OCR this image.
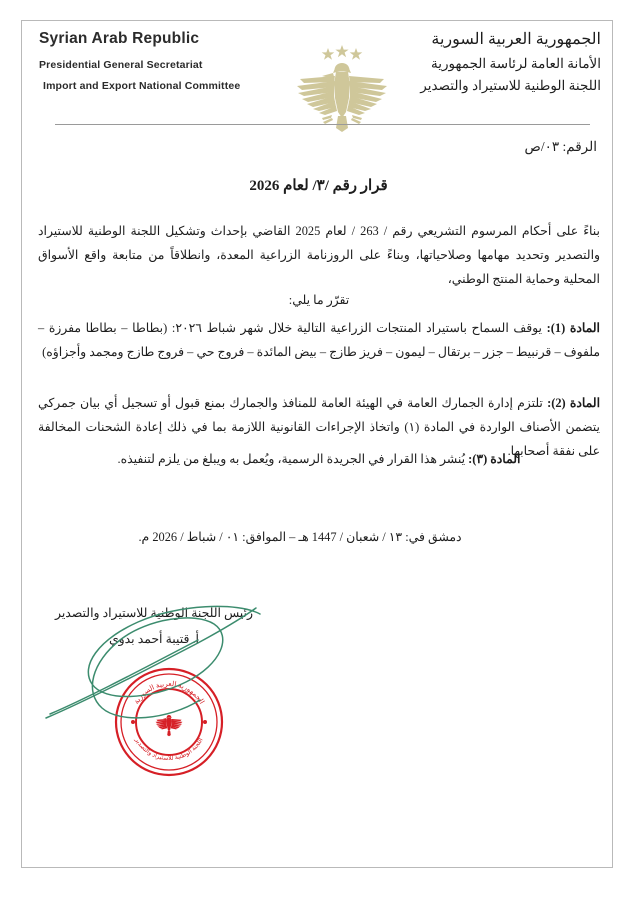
Syrian Arab Republic
Presidential General Secretariat
Import and Export National Committee
الجمهورية العربية السورية
الأمانة العامة لرئاسة الجمهورية
اللجنة الوطنية للاستيراد والتصدير
الرقم: ٠٣/ص
قرار رقم /٣/ لعام 2026
بناءً على أحكام المرسوم التشريعي رقم / 263 / لعام 2025 القاضي بإحداث وتشكيل اللجنة الوطنية للاستيراد والتصدير وتحديد مهامها وصلاحياتها، وبناءً على الروزنامة الزراعية المعدة، وانطلاقاً من متابعة واقع الأسواق المحلية وحماية المنتج الوطني،
تقرّر ما يلي:
المادة (1): يوقف السماح باستيراد المنتجات الزراعية التالية خلال شهر شباط ٢٠٢٦: (بطاطا – بطاطا مفرزة – ملفوف – قرنبيط – جزر – برتقال – ليمون – فريز طازج – بيض المائدة – فروج حي – فروج طازج ومجمد وأجزاؤه)
المادة (2): تلتزم إدارة الجمارك العامة في الهيئة العامة للمنافذ والجمارك بمنع قبول أو تسجيل أي بيان جمركي يتضمن الأصناف الواردة في المادة (١) واتخاذ الإجراءات القانونية اللازمة بما في ذلك إعادة الشحنات المخالفة على نفقة أصحابها.
المادة (٣): يُنشر هذا القرار في الجريدة الرسمية، ويُعمل به ويبلغ من يلزم لتنفيذه.
دمشق في: ١٣ / شعبان / 1447 هـ – الموافق: ٠١ / شباط / 2026 م.
رئيس اللجنة الوطنية للاستيراد والتصدير
أ. قتيبة أحمد بدوي
الجمهورية العربية السورية
اللجنة الوطنية للاستيراد والتصدير
